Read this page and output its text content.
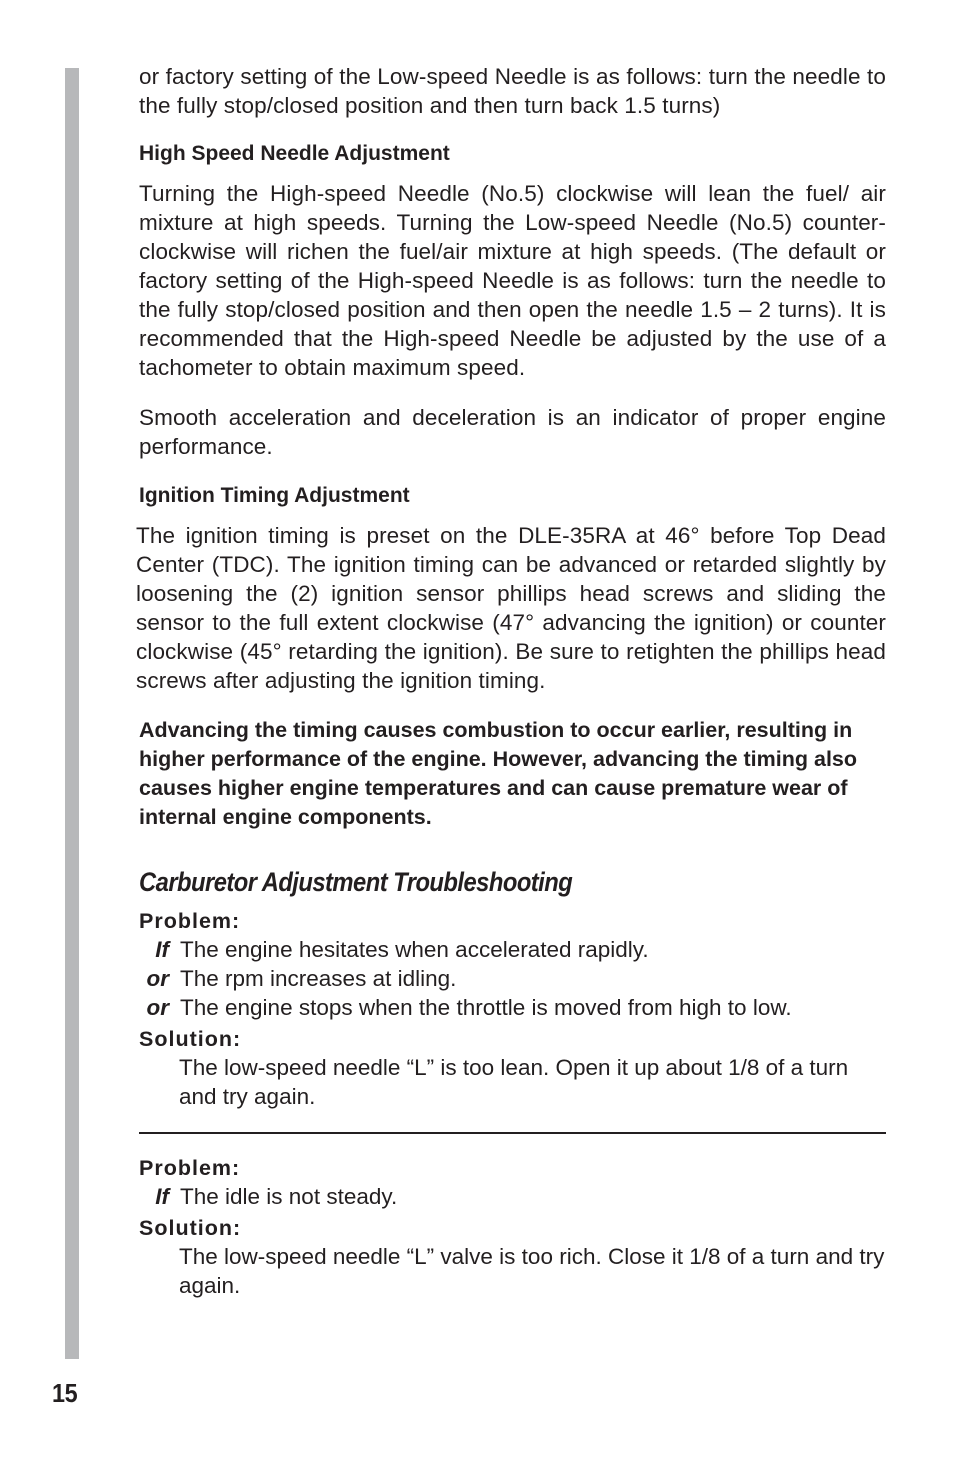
or factory setting of the Low-speed Needle is as follows: turn the needle to the fully stop/closed position and then turn back 1.5 turns)

High Speed Needle Adjustment

Turning the High-speed Needle (No.5) clockwise will lean the fuel/ air mixture at high speeds. Turning the Low-speed Needle (No.5) counter-clockwise will richen the fuel/air mixture at high speeds. (The default or factory setting of the High-speed Needle is as follows: turn the needle to the fully stop/closed position and then open the needle 1.5 – 2 turns). It is recommended that the High-speed Needle be adjusted by the use of a tachometer to obtain maximum speed.

Smooth acceleration and deceleration is an indicator of proper engine performance.

Ignition Timing Adjustment

The ignition timing is preset on the DLE-35RA at 46° before Top Dead Center (TDC). The ignition timing can be advanced or retarded slightly by loosening the (2) ignition sensor phillips head screws and sliding the sensor to the full extent clockwise (47° advancing the ignition) or counter clockwise (45° retarding the ignition). Be sure to retighten the phillips head screws after adjusting the ignition timing.

Advancing the timing causes combustion to occur earlier, resulting in higher performance of the engine. However, advancing the timing also causes higher engine temperatures and can cause premature wear of internal engine components.

Carburetor Adjustment Troubleshooting

Problem:

If The engine hesitates when accelerated rapidly.
or The rpm increases at idling.
or The engine stops when the throttle is moved from high to low.

Solution:

The low-speed needle “L” is too lean. Open it up about 1/8 of a turn and try again.

Problem:

If The idle is not steady.

Solution:

The low-speed needle “L” valve is too rich. Close it 1/8 of a turn and try again.

15
